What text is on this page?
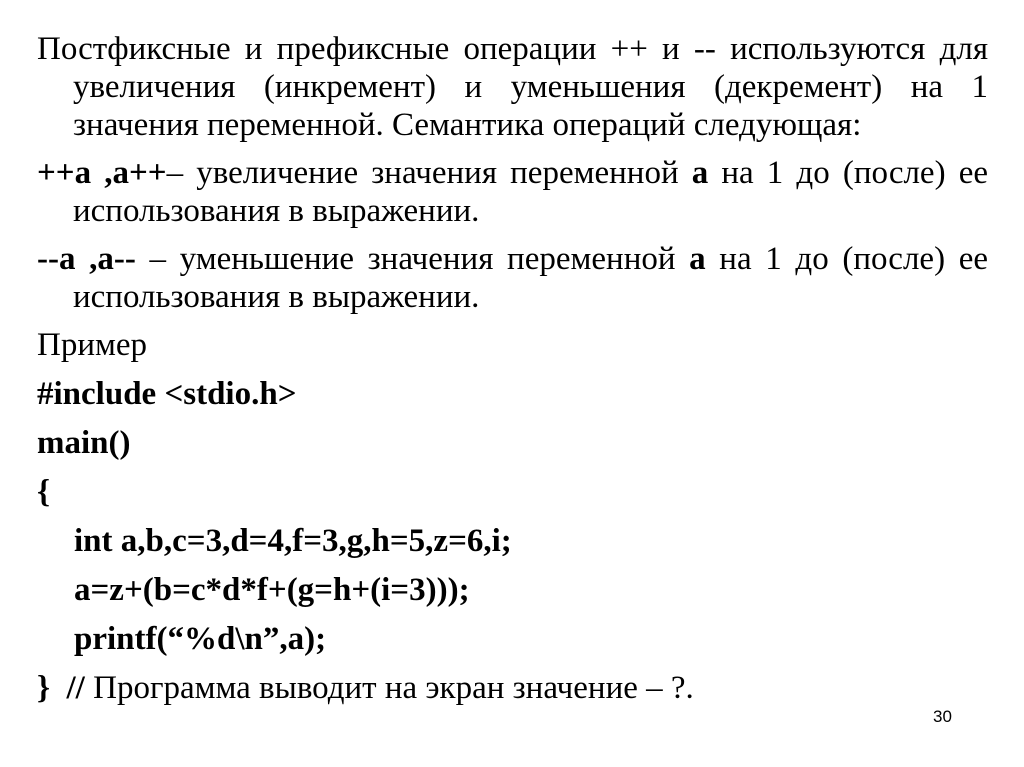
Постфиксные и префиксные операции ++ и -- используются для увеличения (инкремент) и уменьшения (декремент) на 1 значения переменной. Семантика операций следующая:

++a ,a++– увеличение значения переменной a на 1 до (после) ее использования в выражении.

--a ,a-- – уменьшение значения переменной a на 1 до (после) ее использования в выражении.

Пример
#include <stdio.h>
main()
{
int a,b,c=3,d=4,f=3,g,h=5,z=6,i;
a=z+(b=c*d*f+(g=h+(i=3)));
printf(“%d\n”,a);
} // Программа выводит на экран значение – ?.
30
